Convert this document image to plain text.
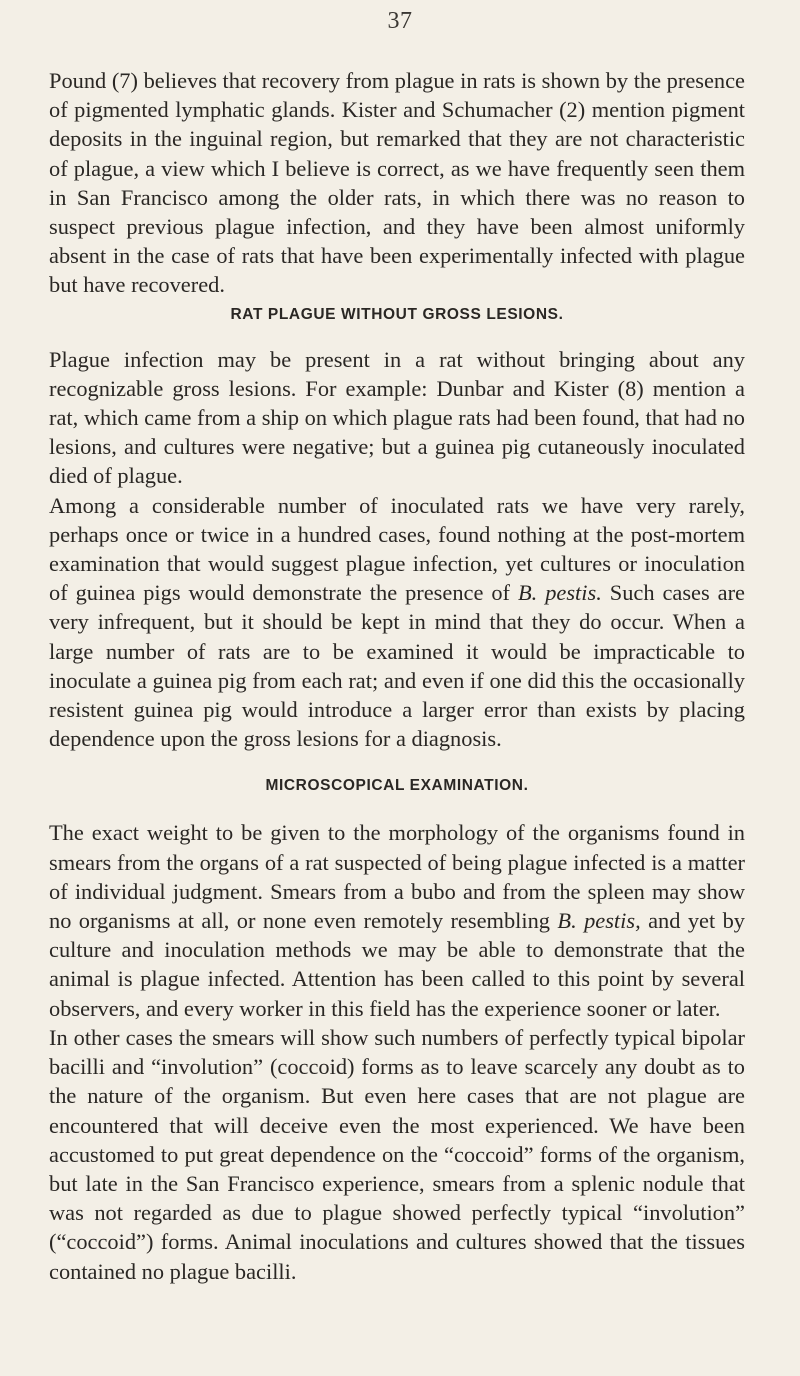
37

Pound (7) believes that recovery from plague in rats is shown by the presence of pigmented lymphatic glands. Kister and Schumacher (2) mention pigment deposits in the inguinal region, but remarked that they are not characteristic of plague, a view which I believe is correct, as we have frequently seen them in San Francisco among the older rats, in which there was no reason to suspect previous plague infection, and they have been almost uniformly absent in the case of rats that have been experimentally infected with plague but have recovered.

RAT PLAGUE WITHOUT GROSS LESIONS.

Plague infection may be present in a rat without bringing about any recognizable gross lesions. For example: Dunbar and Kister (8) mention a rat, which came from a ship on which plague rats had been found, that had no lesions, and cultures were negative; but a guinea pig cutaneously inoculated died of plague.

Among a considerable number of inoculated rats we have very rarely, perhaps once or twice in a hundred cases, found nothing at the post-mortem examination that would suggest plague infection, yet cultures or inoculation of guinea pigs would demonstrate the presence of B. pestis. Such cases are very infrequent, but it should be kept in mind that they do occur. When a large number of rats are to be examined it would be impracticable to inoculate a guinea pig from each rat; and even if one did this the occasionally resistent guinea pig would introduce a larger error than exists by placing dependence upon the gross lesions for a diagnosis.

MICROSCOPICAL EXAMINATION.

The exact weight to be given to the morphology of the organisms found in smears from the organs of a rat suspected of being plague infected is a matter of individual judgment. Smears from a bubo and from the spleen may show no organisms at all, or none even remotely resembling B. pestis, and yet by culture and inoculation methods we may be able to demonstrate that the animal is plague infected. Attention has been called to this point by several observers, and every worker in this field has the experience sooner or later.

In other cases the smears will show such numbers of perfectly typical bipolar bacilli and “involution” (coccoid) forms as to leave scarcely any doubt as to the nature of the organism. But even here cases that are not plague are encountered that will deceive even the most experienced. We have been accustomed to put great dependence on the “coccoid” forms of the organism, but late in the San Francisco experience, smears from a splenic nodule that was not regarded as due to plague showed perfectly typical “involution” (“coccoid”) forms. Animal inoculations and cultures showed that the tissues contained no plague bacilli.
